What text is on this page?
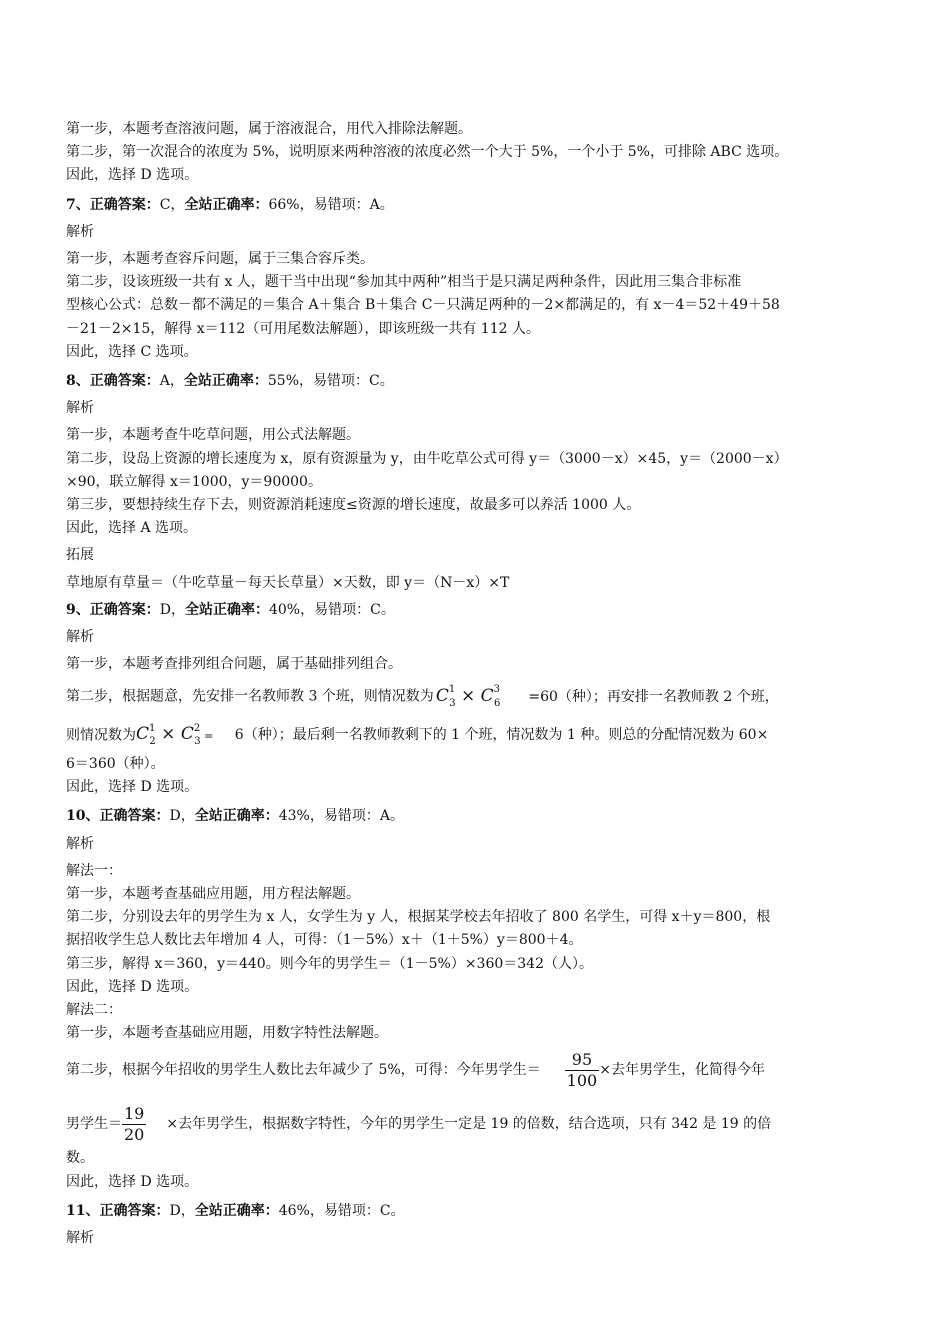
第一步，本题考查溶液问题，属于溶液混合，用代入排除法解题。
第二步，第一次混合的浓度为 5%，说明原来两种溶液的浓度必然一个大于 5%，一个小于 5%，可排除 ABC 选项。
因此，选择 D 选项。
7、正确答案：C，全站正确率：66%，易错项：A。
解析
第一步，本题考查容斥问题，属于三集合容斥类。
第二步，设该班级一共有 x 人，题干当中出现“参加其中两种”相当于是只满足两种条件，因此用三集合非标准
型核心公式：总数－都不满足的＝集合 A＋集合 B＋集合 C－只满足两种的－2×都满足的，有 x－4＝52＋49＋58
－21－2×15，解得 x＝112（可用尾数法解题），即该班级一共有 112 人。
因此，选择 C 选项。
8、正确答案：A，全站正确率：55%，易错项：C。
解析
第一步，本题考查牛吃草问题，用公式法解题。
第二步，设岛上资源的增长速度为 x，原有资源量为 y，由牛吃草公式可得 y＝（3000－x）×45，y＝（2000－x）
×90，联立解得 x＝1000，y＝90000。
第三步，要想持续生存下去，则资源消耗速度≤资源的增长速度，故最多可以养活 1000 人。
因此，选择 A 选项。
拓展
草地原有草量＝（牛吃草量－每天长草量）×天数，即 y＝（N－x）×T
9、正确答案：D，全站正确率：40%，易错项：C。
解析
第一步，本题考查排列组合问题，属于基础排列组合。
第二步，根据题意，先安排一名教师教 3 个班，则情况数为 $C^1_3 \times C^3_6 =60$（种）；再安排一名教师教 2 个班，
则情况数为$C^1_2 \times C^2_3 = 6$（种）；最后剩一名教师教剩下的 1 个班，情况数为 1 种。则总的分配情况数为 60×
6＝360（种）。
因此，选择 D 选项。
10、正确答案：D，全站正确率：43%，易错项：A。
解析
解法一：
第一步，本题考查基础应用题，用方程法解题。
第二步，分别设去年的男学生为 x 人，女学生为 y 人，根据某学校去年招收了 800 名学生，可得 x＋y＝800，根
据招收学生总人数比去年增加 4 人，可得：（1－5%）x＋（1＋5%）y＝800＋4。
第三步，解得 x＝360，y＝440。则今年的男学生＝（1－5%）×360＝342（人）。
因此，选择 D 选项。
解法二：
第一步，本题考查基础应用题，用数字特性法解题。
第二步，根据今年招收的男学生人数比去年减少了 5%，可得：今年男学生＝ $\frac{95}{100}$ ×去年男学生，化简得今年
男学生＝ $\frac{19}{20}$ ×去年男学生，根据数字特性，今年的男学生一定是 19 的倍数，结合选项，只有 342 是 19 的倍
数。
因此，选择 D 选项。
11、正确答案：D，全站正确率：46%，易错项：C。
解析
